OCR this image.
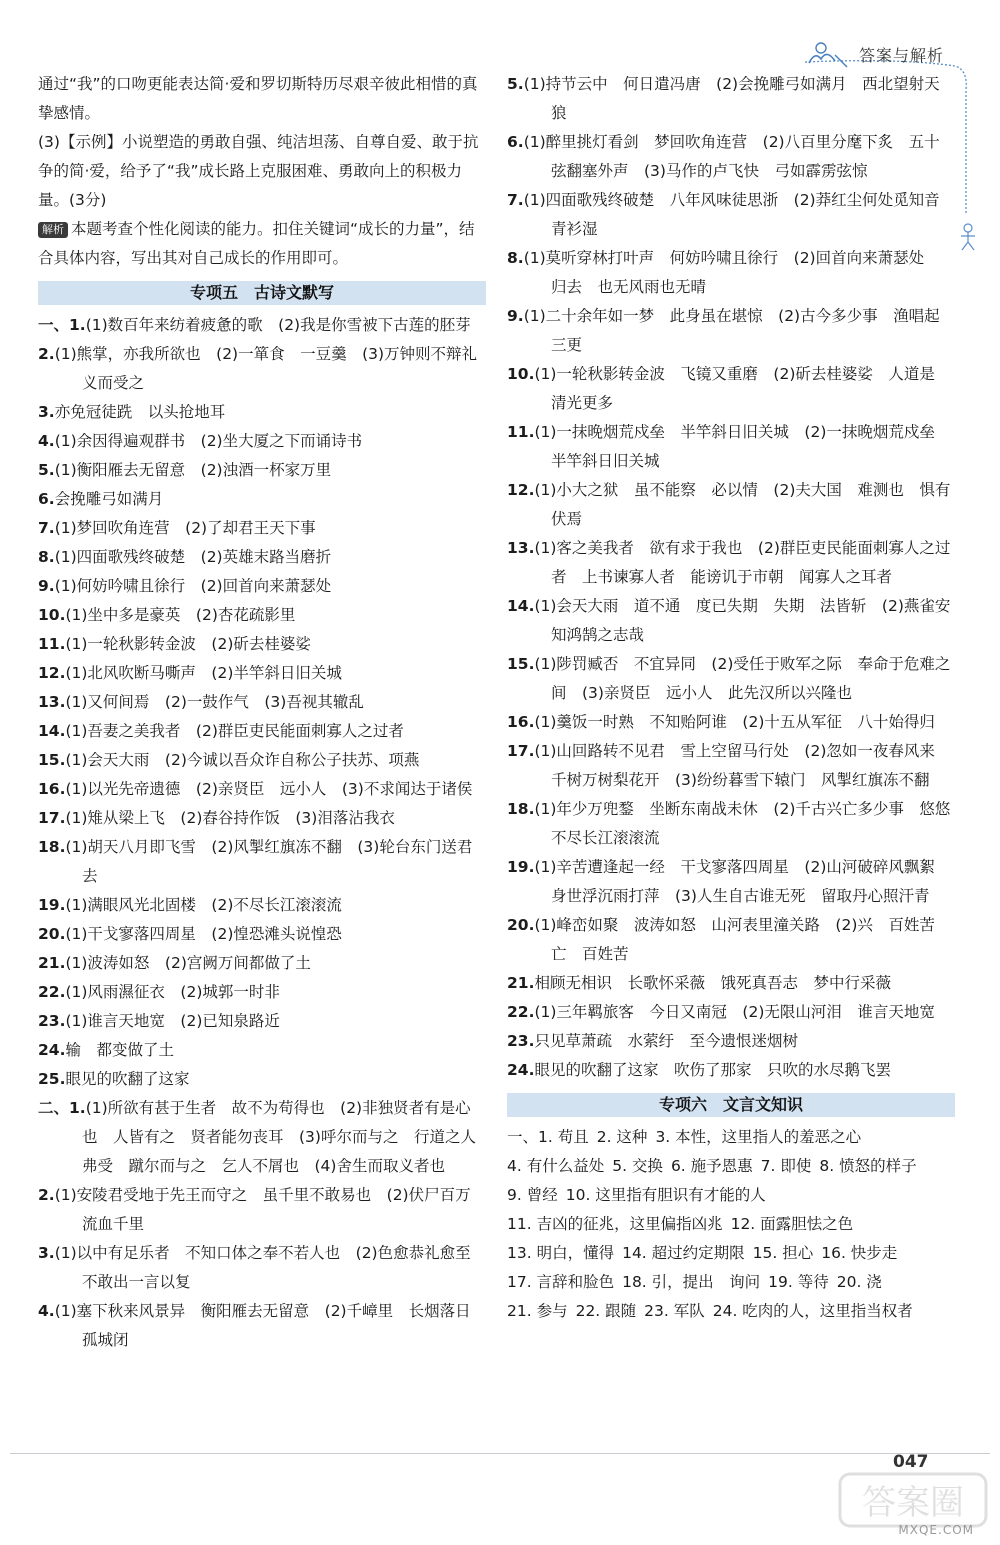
答案与解析

通过“我”的口吻更能表达简·爱和罗切斯特历尽艰辛彼此相惜的真挚感情。

(3)【示例】小说塑造的勇敢自强、纯洁坦荡、自尊自爱、敢于抗争的简·爱，给予了“我”成长路上克服困难、勇敢向上的积极力量。(3分)

解析 本题考查个性化阅读的能力。扣住关键词“成长的力量”，结合具体内容，写出其对自己成长的作用即可。

专项五　古诗文默写

一、1.(1)数百年来纺着疲惫的歌　(2)我是你雪被下古莲的胚芽

2.(1)熊掌，亦我所欲也　(2)一箪食　一豆羹　(3)万钟则不辩礼义而受之

3.亦免冠徒跣　以头抢地耳

4.(1)余因得遍观群书　(2)坐大厦之下而诵诗书

5.(1)衡阳雁去无留意　(2)浊酒一杯家万里

6.会挽雕弓如满月

7.(1)梦回吹角连营　(2)了却君王天下事

8.(1)四面歌残终破楚　(2)英雄末路当磨折

9.(1)何妨吟啸且徐行　(2)回首向来萧瑟处

10.(1)坐中多是豪英　(2)杏花疏影里

11.(1)一轮秋影转金波　(2)斫去桂婆娑

12.(1)北风吹断马嘶声　(2)半竿斜日旧关城

13.(1)又何间焉　(2)一鼓作气　(3)吾视其辙乱

14.(1)吾妻之美我者　(2)群臣吏民能面刺寡人之过者

15.(1)会天大雨　(2)今诚以吾众诈自称公子扶苏、项燕

16.(1)以光先帝遗德　(2)亲贤臣　远小人　(3)不求闻达于诸侯

17.(1)雉从梁上飞　(2)舂谷持作饭　(3)泪落沾我衣

18.(1)胡天八月即飞雪　(2)风掣红旗冻不翻　(3)轮台东门送君去

19.(1)满眼风光北固楼　(2)不尽长江滚滚流

20.(1)干戈寥落四周星　(2)惶恐滩头说惶恐

21.(1)波涛如怒　(2)宫阙万间都做了土

22.(1)风雨濕征衣　(2)城郭一时非

23.(1)谁言天地宽　(2)已知泉路近

24.输　都变做了土

25.眼见的吹翻了这家

二、1.(1)所欲有甚于生者　故不为苟得也　(2)非独贤者有是心也　人皆有之　贤者能勿丧耳　(3)呼尔而与之　行道之人弗受　蹴尔而与之　乞人不屑也　(4)舍生而取义者也

2.(1)安陵君受地于先王而守之　虽千里不敢易也　(2)伏尸百万　流血千里

3.(1)以中有足乐者　不知口体之奉不若人也　(2)色愈恭礼愈至　不敢出一言以复

4.(1)塞下秋来风景异　衡阳雁去无留意　(2)千嶂里　长烟落日孤城闭

5.(1)持节云中　何日遣冯唐　(2)会挽雕弓如满月　西北望射天狼

6.(1)醉里挑灯看剑　梦回吹角连营　(2)八百里分麾下炙　五十弦翻塞外声　(3)马作的卢飞快　弓如霹雳弦惊

7.(1)四面歌残终破楚　八年风味徒思浙　(2)莽红尘何处觅知音　青衫湿

8.(1)莫听穿林打叶声　何妨吟啸且徐行　(2)回首向来萧瑟处　归去　也无风雨也无晴

9.(1)二十余年如一梦　此身虽在堪惊　(2)古今多少事　渔唱起三更

10.(1)一轮秋影转金波　飞镜又重磨　(2)斫去桂婆娑　人道是　清光更多

11.(1)一抹晚烟荒戍垒　半竿斜日旧关城　(2)一抹晚烟荒戍垒　半竿斜日旧关城

12.(1)小大之狱　虽不能察　必以情　(2)夫大国　难测也　惧有伏焉

13.(1)客之美我者　欲有求于我也　(2)群臣吏民能面刺寡人之过者　上书谏寡人者　能谤讥于市朝　闻寡人之耳者

14.(1)会天大雨　道不通　度已失期　失期　法皆斩　(2)燕雀安知鸿鹄之志哉

15.(1)陟罚臧否　不宜异同　(2)受任于败军之际　奉命于危难之间　(3)亲贤臣　远小人　此先汉所以兴隆也

16.(1)羹饭一时熟　不知贻阿谁　(2)十五从军征　八十始得归

17.(1)山回路转不见君　雪上空留马行处　(2)忽如一夜春风来　千树万树梨花开　(3)纷纷暮雪下辕门　风掣红旗冻不翻

18.(1)年少万兜鍪　坐断东南战未休　(2)千古兴亡多少事　悠悠　不尽长江滚滚流

19.(1)辛苦遭逢起一经　干戈寥落四周星　(2)山河破碎风飘絮　身世浮沉雨打萍　(3)人生自古谁无死　留取丹心照汗青

20.(1)峰峦如聚　波涛如怒　山河表里潼关路　(2)兴　百姓苦　亡　百姓苦

21.相顾无相识　长歌怀采薇　饿死真吾志　梦中行采薇

22.(1)三年羁旅客　今日又南冠　(2)无限山河泪　谁言天地宽

23.只见草萧疏　水萦纡　至今遗恨迷烟树

24.眼见的吹翻了这家　吹伤了那家　只吹的水尽鹅飞罢

专项六　文言文知识

一、1. 苟且 2. 这种 3. 本性，这里指人的羞恶之心

4. 有什么益处 5. 交换 6. 施予恩惠 7. 即使 8. 愤怒的样子

9. 曾经 10. 这里指有胆识有才能的人

11. 吉凶的征兆，这里偏指凶兆 12. 面露胆怯之色

13. 明白，懂得 14. 超过约定期限 15. 担心 16. 快步走

17. 言辞和脸色 18. 引，提出　询问 19. 等待 20. 浇

21. 参与 22. 跟随 23. 军队 24. 吃肉的人，这里指当权者

047
答案圈
MXQE.COM
